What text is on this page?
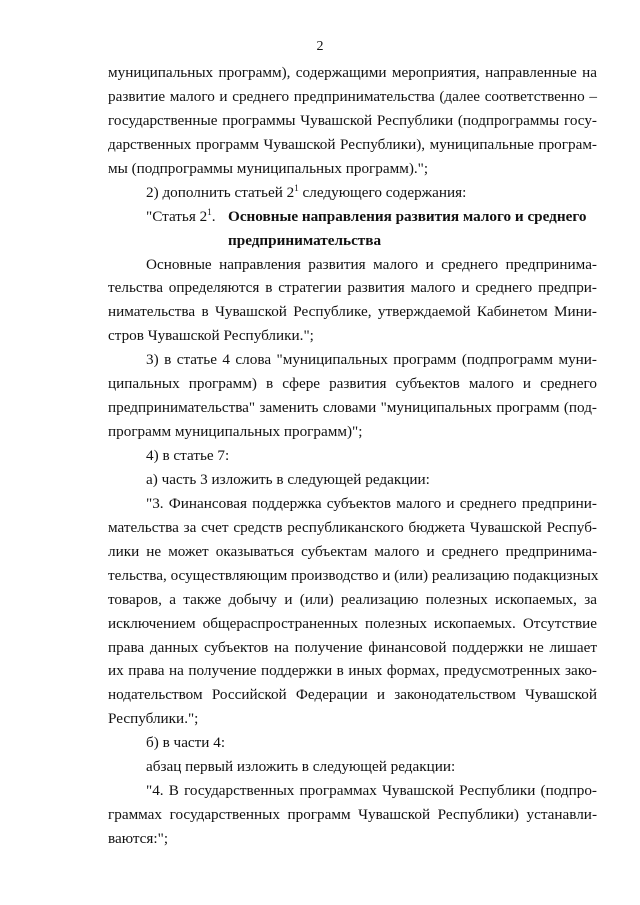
2
муниципальных программ), содержащими мероприятия, направленные на
развитие малого и среднего предпринимательства (далее соответственно –
государственные программы Чувашской Республики (подпрограммы госу-
дарственных программ Чувашской Республики), муниципальные програм-
мы (подпрограммы муниципальных программ).";
2) дополнить статьей $2^1$ следующего содержания:
"Статья $2^1$. Основные направления развития малого и среднего
предпринимательства
Основные направления развития малого и среднего предпринима-
тельства определяются в стратегии развития малого и среднего предпри-
нимательства в Чувашской Республике, утверждаемой Кабинетом Мини-
стров Чувашской Республики.";
3) в статье 4 слова "муниципальных программ (подпрограмм муни-
ципальных программ) в сфере развития субъектов малого и среднего
предпринимательства" заменить словами "муниципальных программ (под-
программ муниципальных программ)";
4) в статье 7:
а) часть 3 изложить в следующей редакции:
"3. Финансовая поддержка субъектов малого и среднего предприни-
мательства за счет средств республиканского бюджета Чувашской Респуб-
лики не может оказываться субъектам малого и среднего предпринима-
тельства, осуществляющим производство и (или) реализацию подакцизных
товаров, а также добычу и (или) реализацию полезных ископаемых, за
исключением общераспространенных полезных ископаемых. Отсутствие
права данных субъектов на получение финансовой поддержки не лишает
их права на получение поддержки в иных формах, предусмотренных зако-
нодательством Российской Федерации и законодательством Чувашской
Республики.";
б) в части 4:
абзац первый изложить в следующей редакции:
"4. В государственных программах Чувашской Республики (подпро-
граммах государственных программ Чувашской Республики) устанавли-
ваются:";
